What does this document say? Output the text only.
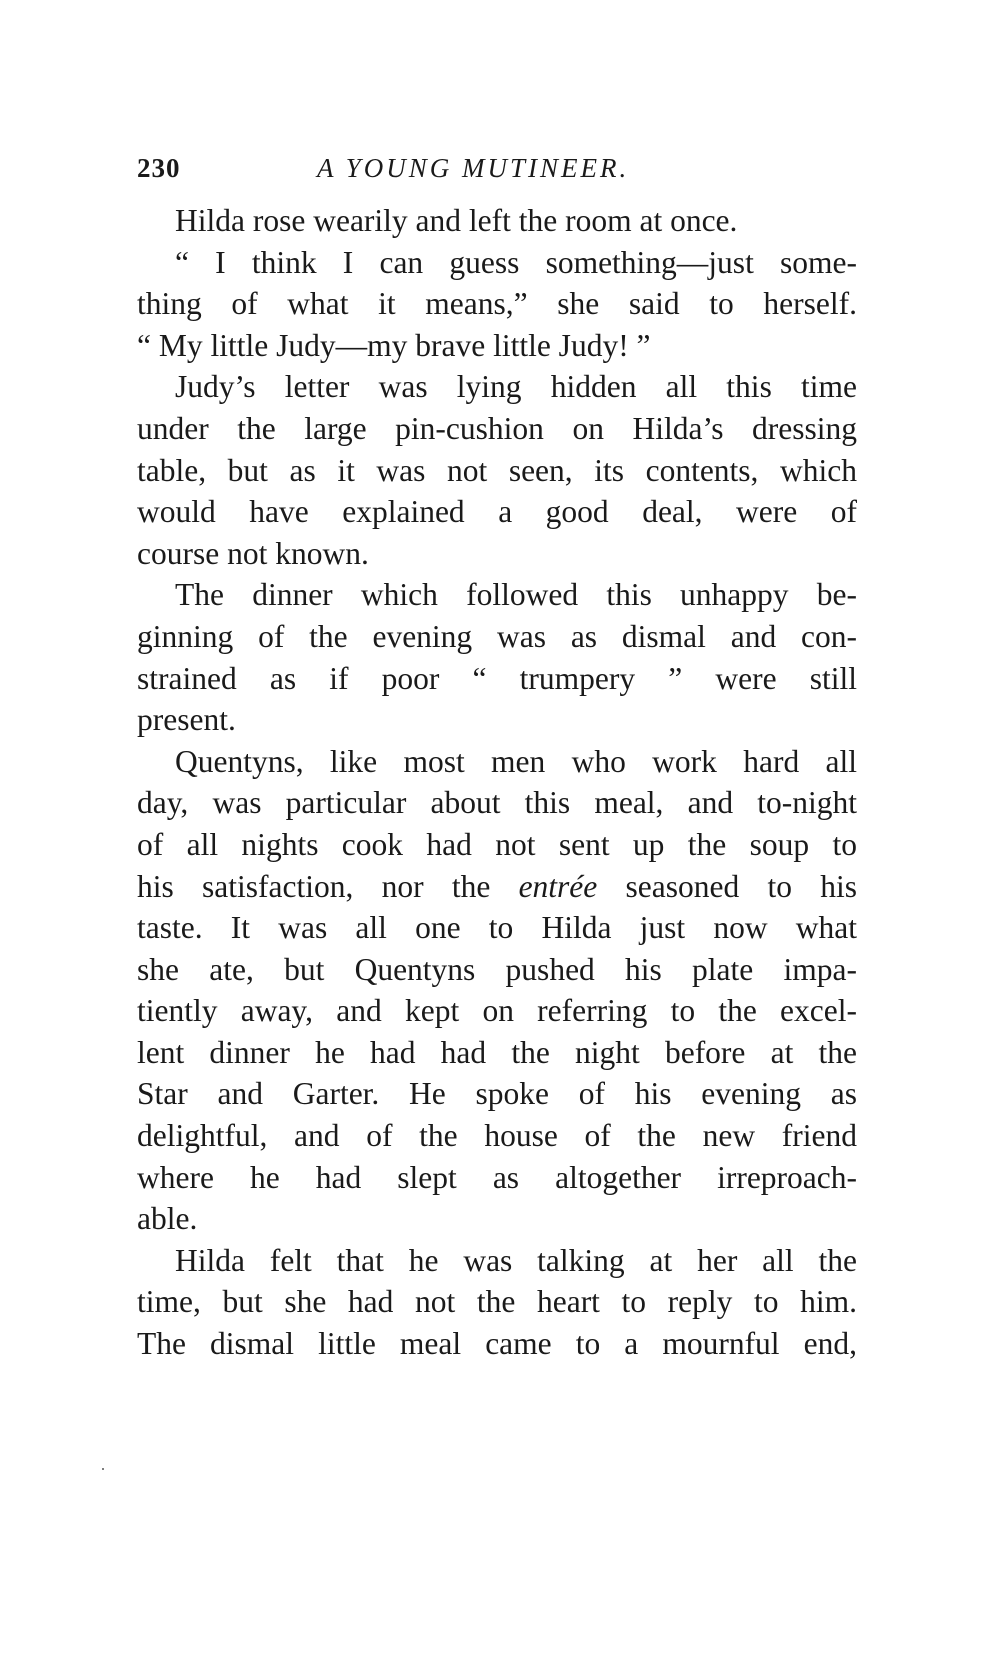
230	A YOUNG MUTINEER.
Hilda rose wearily and left the room at once.
“ I think I can guess something—just some-
thing of what it means,” she said to herself.
“ My little Judy—my brave little Judy! ”
Judy’s letter was lying hidden all this time
under the large pin-cushion on Hilda’s dressing
table, but as it was not seen, its contents, which
would have explained a good deal, were of
course not known.
The dinner which followed this unhappy be-
ginning of the evening was as dismal and con-
strained as if poor “ trumpery ” were still
present.
Quentyns, like most men who work hard all
day, was particular about this meal, and to-night
of all nights cook had not sent up the soup to
his satisfaction, nor the entrée seasoned to his
taste. It was all one to Hilda just now what
she ate, but Quentyns pushed his plate impa-
tiently away, and kept on referring to the excel-
lent dinner he had had the night before at the
Star and Garter. He spoke of his evening as
delightful, and of the house of the new friend
where he had slept as altogether irreproach-
able.
Hilda felt that he was talking at her all the
time, but she had not the heart to reply to him.
The dismal little meal came to a mournful end,
